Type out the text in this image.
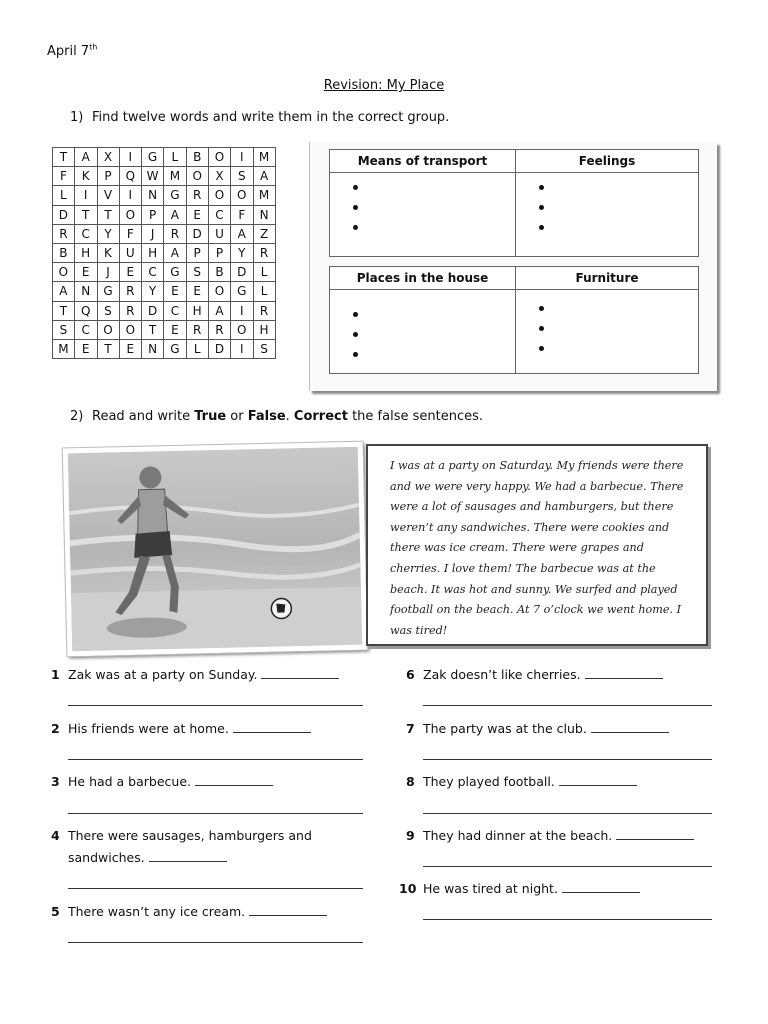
April 7th
Revision: My Place
1) Find twelve words and write them in the correct group.
T	A	X	I	G	L	B	O	I	M
F	K	P	Q	W	M	O	X	S	A
L	I	V	I	N	G	R	O	O	M
D	T	T	O	P	A	E	C	F	N
R	C	Y	F	J	R	D	U	A	Z
B	H	K	U	H	A	P	P	Y	R
O	E	J	E	C	G	S	B	D	L
A	N	G	R	Y	E	E	O	G	L
T	Q	S	R	D	C	H	A	I	R
S	C	O	O	T	E	R	R	O	H
M	E	T	E	N	G	L	D	I	S
Means of transport	Feelings

Places in the house	Furniture

2) Read and write True or False. Correct the false sentences.

I was at a party on Saturday. My friends were there and we were very happy. We had a barbecue. There were a lot of sausages and hamburgers, but there weren’t any sandwiches. There were cookies and there was ice cream. There were grapes and cherries. I love them! The barbecue was at the beach. It was hot and sunny. We surfed and played football on the beach. At 7 o’clock we went home. I was tired!

1 Zak was at a party on Sunday.
2 His friends were at home.
3 He had a barbecue.
4 There were sausages, hamburgers and
sandwiches.
5 There wasn’t any ice cream.
6 Zak doesn’t like cherries.
7 The party was at the club.
8 They played football.
9 They had dinner at the beach.
10 He was tired at night.
